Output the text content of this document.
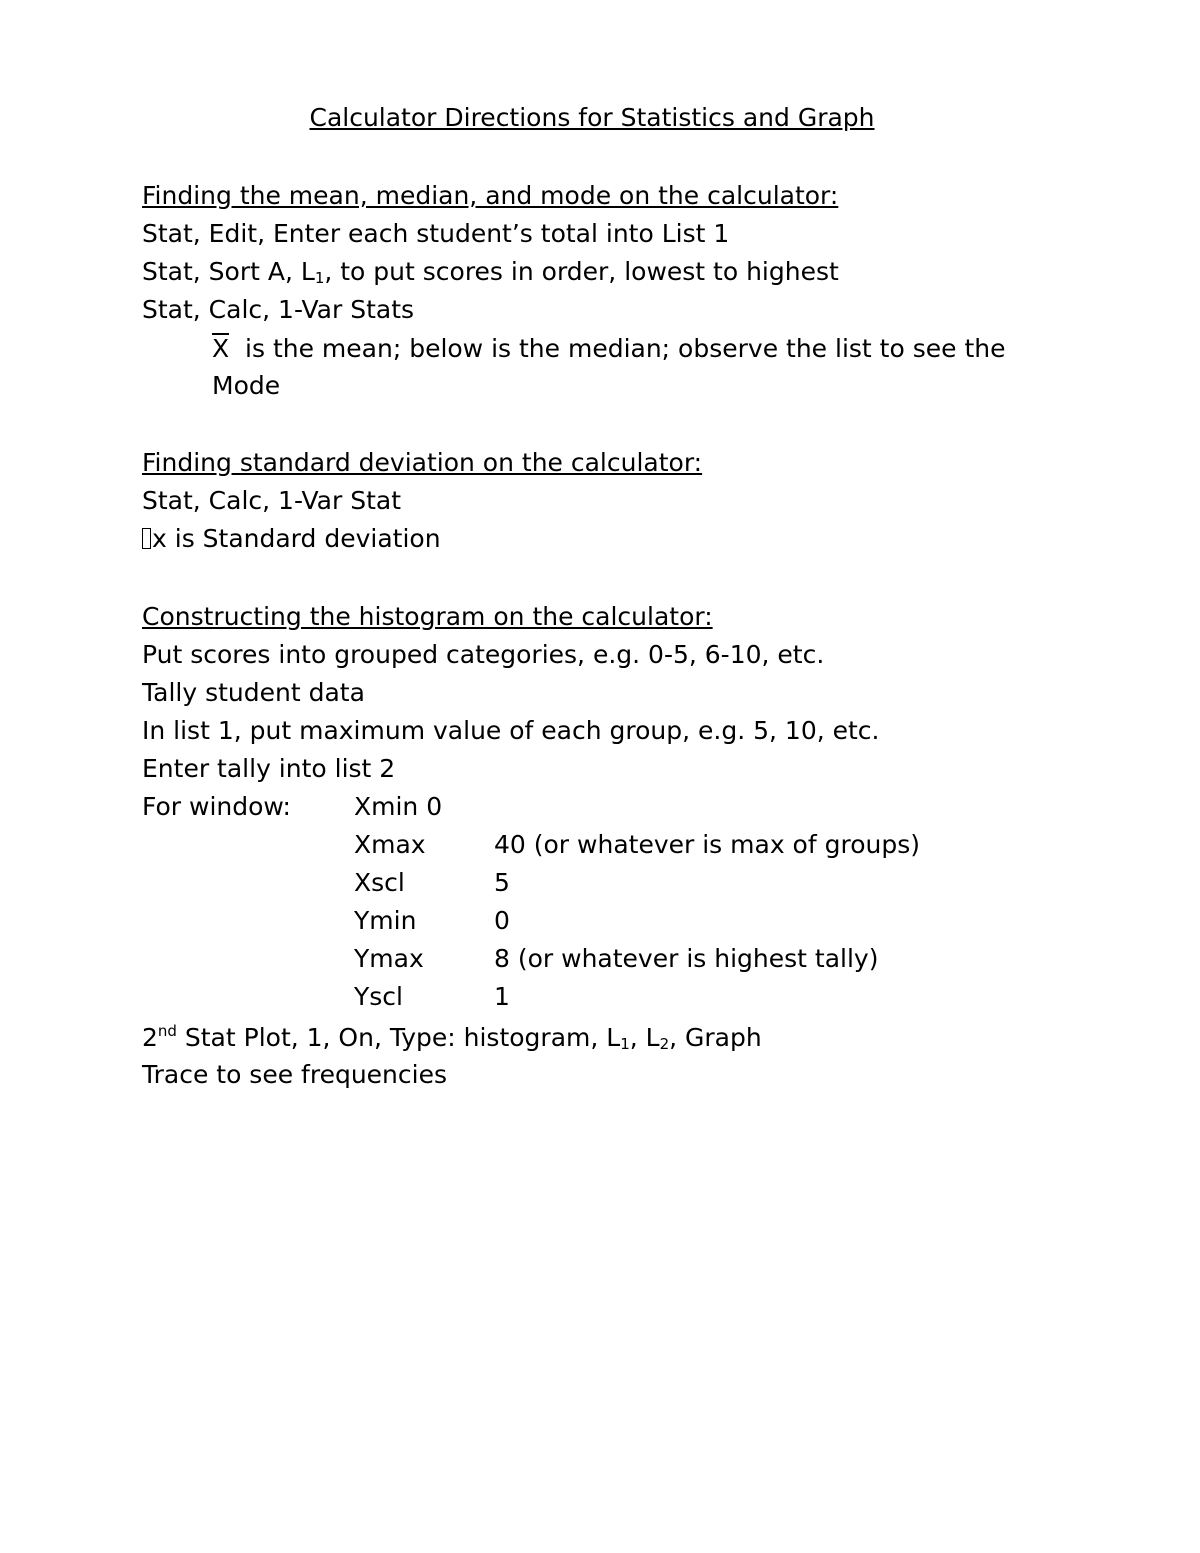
Calculator Directions for Statistics and Graph
Finding the mean, median, and mode on the calculator:
Stat, Edit, Enter each student’s total into List 1
Stat, Sort A, $L_1$, to put scores in order, lowest to highest
Stat, Calc, 1-Var Stats
X  is the mean; below is the median; observe the list to see the
Mode
Finding standard deviation on the calculator:
Stat, Calc, 1-Var Stat
x is Standard deviation
Constructing the histogram on the calculator:
Put scores into grouped categories, e.g. 0-5, 6-10, etc.
Tally student data
In list 1, put maximum value of each group, e.g. 5, 10, etc.
Enter tally into list 2
For window:	Xmin 0
Xmax	40 (or whatever is max of groups)
Xscl	5
Ymin	0
Ymax	8 (or whatever is highest tally)
Yscl	1
2nd Stat Plot, 1, On, Type: histogram, $L_1$, $L_2$, Graph
Trace to see frequencies
